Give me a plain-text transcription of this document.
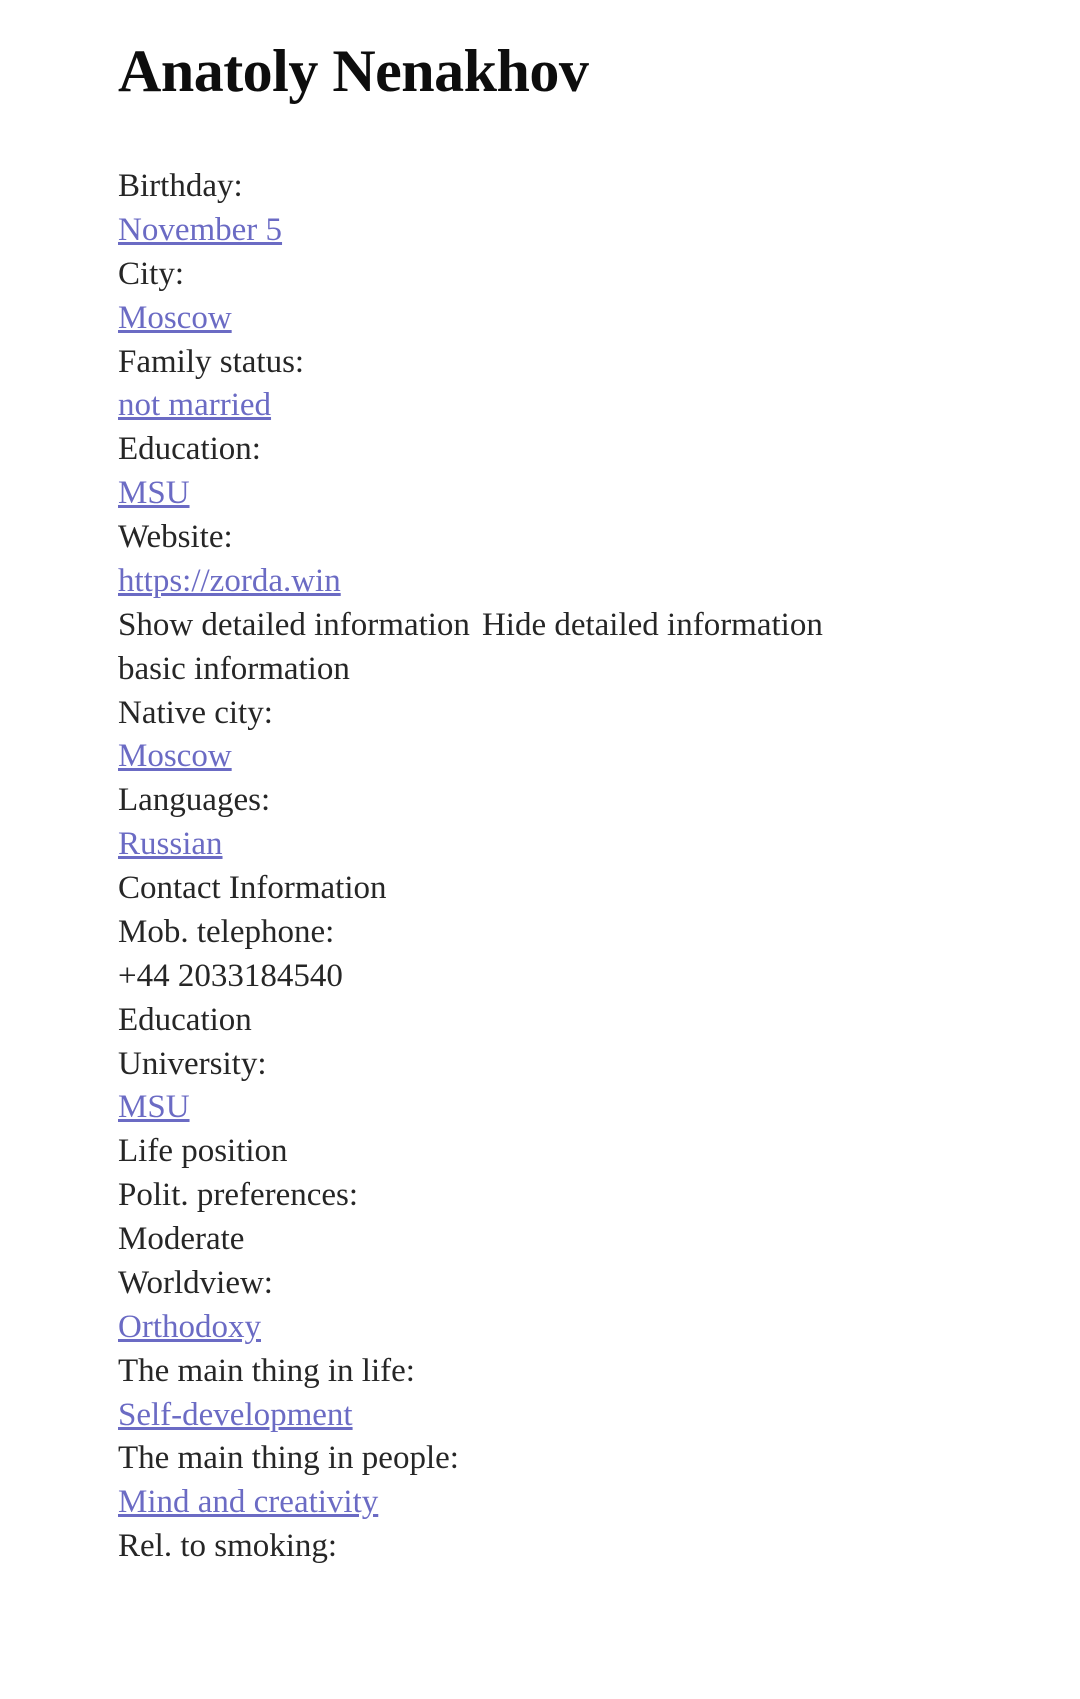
Anatoly Nenakhov
Birthday:
November 5
City:
Moscow
Family status:
not married
Education:
MSU
Website:
https://zorda.win
Show detailed information Hide detailed information
basic information
Native city:
Moscow
Languages:
Russian
Contact Information
Mob. telephone:
+44 2033184540
Education
University:
MSU
Life position
Polit. preferences:
Moderate
Worldview:
Orthodoxy
The main thing in life:
Self-development
The main thing in people:
Mind and creativity
Rel. to smoking:
